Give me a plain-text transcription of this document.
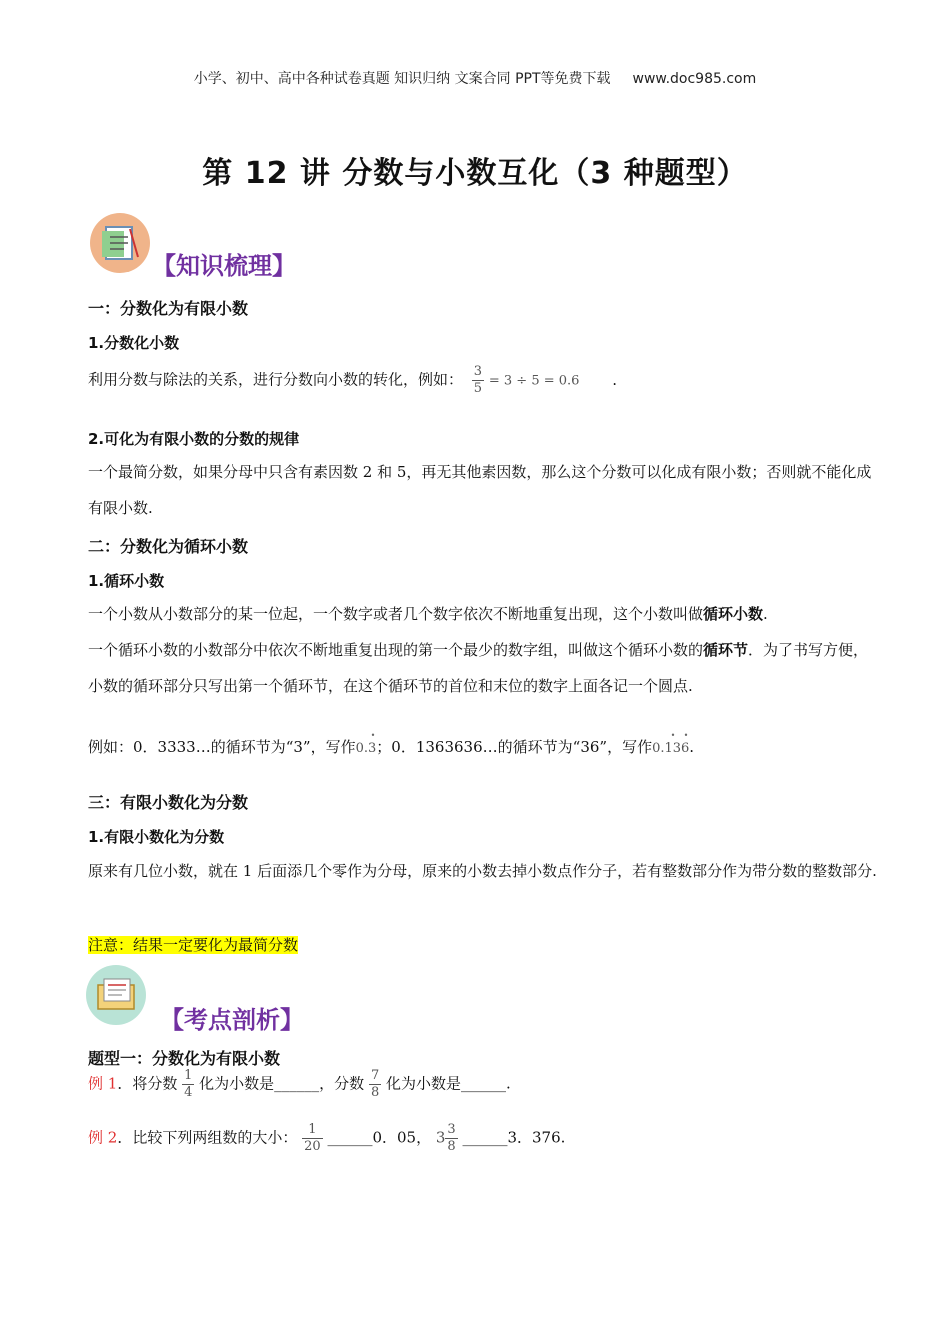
小学、初中、高中各种试卷真题 知识归纳 文案合同 PPT等免费下载 www.doc985.com
第 12 讲 分数与小数互化（3 种题型）
【知识梳理】
一：分数化为有限小数
1.分数化小数
利用分数与除法的关系，进行分数向小数的转化，例如： $\frac{3}{5} = 3 \div 5 = 0.6$ .
2.可化为有限小数的分数的规律
一个最简分数，如果分母中只含有素因数 2 和 5，再无其他素因数，那么这个分数可以化成有限小数；否则就不能化成有限小数.
二：分数化为循环小数
1.循环小数
一个小数从小数部分的某一位起，一个数字或者几个数字依次不断地重复出现，这个小数叫做循环小数.
一个循环小数的小数部分中依次不断地重复出现的第一个最少的数字组，叫做这个循环小数的循环节．为了书写方便，小数的循环部分只写出第一个循环节，在这个循环节的首位和末位的数字上面各记一个圆点.
例如：0．3333…的循环节为“3”，写作0.3
•
；0．1363636…的循环节为“36”，写作0.136
• •
.
三：有限小数化为分数
1.有限小数化为分数
原来有几位小数，就在 1 后面添几个零作为分母，原来的小数去掉小数点作分子，若有整数部分作为带分数的整数部分.
注意：结果一定要化为最简分数
【考点剖析】
题型一：分数化为有限小数
例 1．将分数 $\frac{1}{4}$ 化为小数是______，分数 $\frac{7}{8}$ 化为小数是______.
例 2．比较下列两组数的大小： $\frac{1}{20}$ ______0．05， $3 \frac{3}{8}$ ______3．376.
